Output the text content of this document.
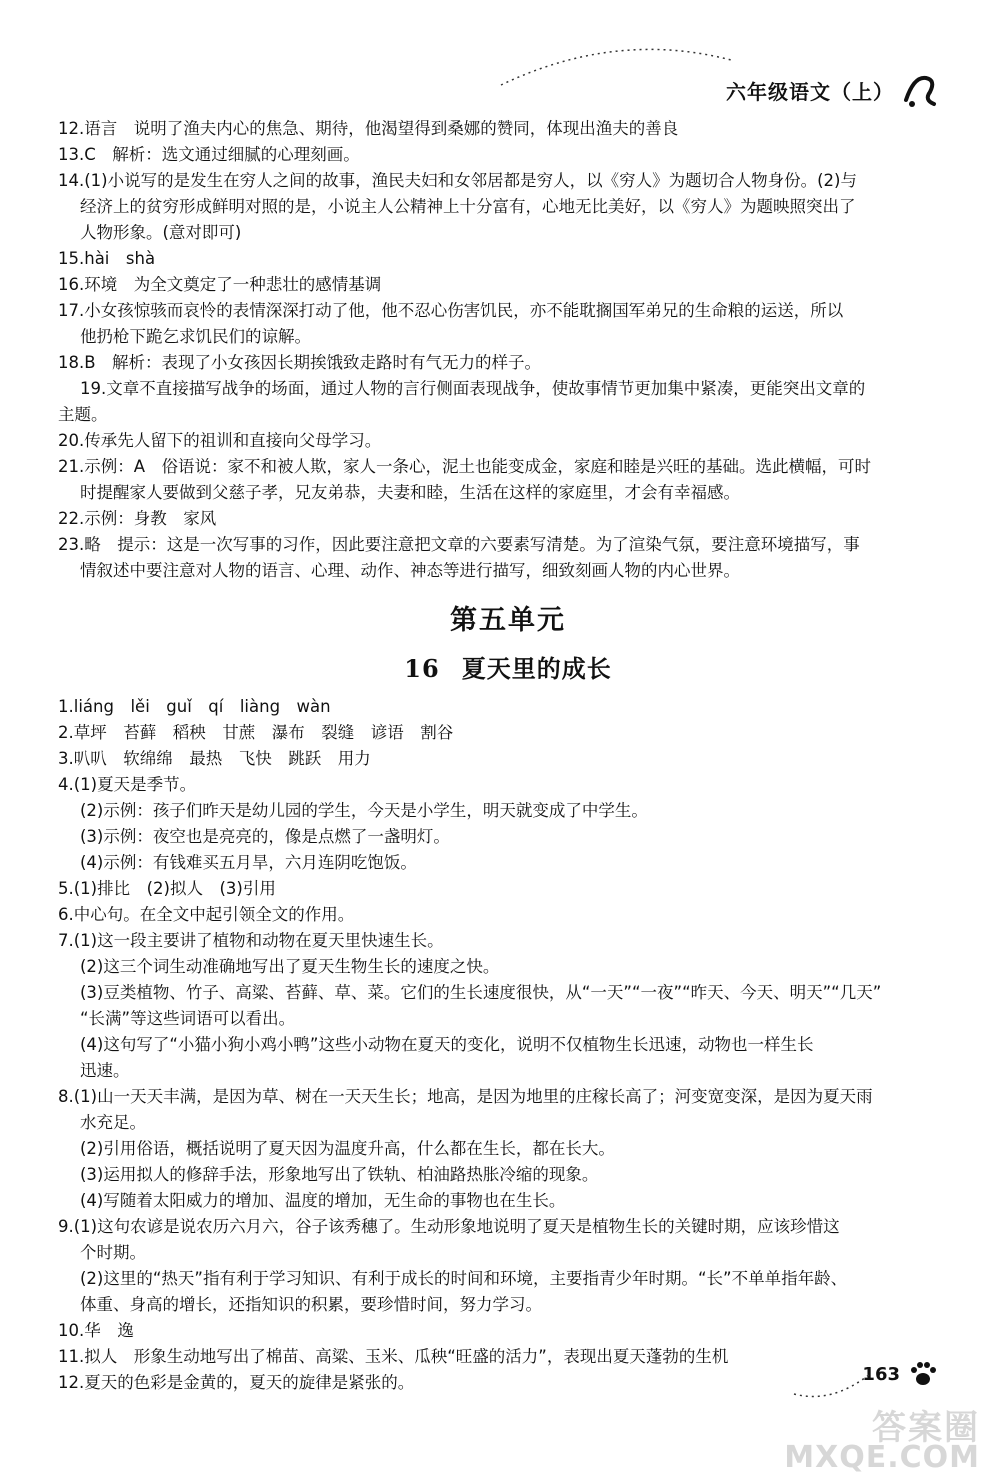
六年级语文（上）
12.语言　说明了渔夫内心的焦急、期待，他渴望得到桑娜的赞同，体现出渔夫的善良
13.C　解析：选文通过细腻的心理刻画。
14.(1)小说写的是发生在穷人之间的故事，渔民夫妇和女邻居都是穷人，以《穷人》为题切合人物身份。(2)与
经济上的贫穷形成鲜明对照的是，小说主人公精神上十分富有，心地无比美好，以《穷人》为题映照突出了
人物形象。(意对即可)
15.hài　shà
16.环境　为全文奠定了一种悲壮的感情基调
17.小女孩惊骇而哀怜的表情深深打动了他，他不忍心伤害饥民，亦不能耽搁国军弟兄的生命粮的运送，所以
他扔枪下跪乞求饥民们的谅解。
18.B　解析：表现了小女孩因长期挨饿致走路时有气无力的样子。
19.文章不直接描写战争的场面，通过人物的言行侧面表现战争，使故事情节更加集中紧凑，更能突出文章的
主题。
20.传承先人留下的祖训和直接向父母学习。
21.示例：A　俗语说：家不和被人欺，家人一条心，泥土也能变成金，家庭和睦是兴旺的基础。选此横幅，可时
时提醒家人要做到父慈子孝，兄友弟恭，夫妻和睦，生活在这样的家庭里，才会有幸福感。
22.示例：身教　家风
23.略　提示：这是一次写事的习作，因此要注意把文章的六要素写清楚。为了渲染气氛，要注意环境描写，事
情叙述中要注意对人物的语言、心理、动作、神态等进行描写，细致刻画人物的内心世界。
第五单元
16 夏天里的成长
1.liáng　lěi　guǐ　qí　liàng　wàn
2.草坪　苔藓　稻秧　甘蔗　瀑布　裂缝　谚语　割谷
3.叭叭　软绵绵　最热　飞快　跳跃　用力
4.(1)夏天是季节。
(2)示例：孩子们昨天是幼儿园的学生，今天是小学生，明天就变成了中学生。
(3)示例：夜空也是亮亮的，像是点燃了一盏明灯。
(4)示例：有钱难买五月旱，六月连阴吃饱饭。
5.(1)排比　(2)拟人　(3)引用
6.中心句。在全文中起引领全文的作用。
7.(1)这一段主要讲了植物和动物在夏天里快速生长。
(2)这三个词生动准确地写出了夏天生物生长的速度之快。
(3)豆类植物、竹子、高粱、苔藓、草、菜。它们的生长速度很快，从“一天”“一夜”“昨天、今天、明天”“几天”
“长满”等这些词语可以看出。
(4)这句写了“小猫小狗小鸡小鸭”这些小动物在夏天的变化，说明不仅植物生长迅速，动物也一样生长
迅速。
8.(1)山一天天丰满，是因为草、树在一天天生长；地高，是因为地里的庄稼长高了；河变宽变深，是因为夏天雨
水充足。
(2)引用俗语，概括说明了夏天因为温度升高，什么都在生长，都在长大。
(3)运用拟人的修辞手法，形象地写出了铁轨、柏油路热胀冷缩的现象。
(4)写随着太阳威力的增加、温度的增加，无生命的事物也在生长。
9.(1)这句农谚是说农历六月六，谷子该秀穗了。生动形象地说明了夏天是植物生长的关键时期，应该珍惜这
个时期。
(2)这里的“热天”指有利于学习知识、有利于成长的时间和环境，主要指青少年时期。“长”不单单指年龄、
体重、身高的增长，还指知识的积累，要珍惜时间，努力学习。
10.华　逸
11.拟人　形象生动地写出了棉苗、高粱、玉米、瓜秧“旺盛的活力”，表现出夏天蓬勃的生机
12.夏天的色彩是金黄的，夏天的旋律是紧张的。	163
答案圈
MXQE.COM
